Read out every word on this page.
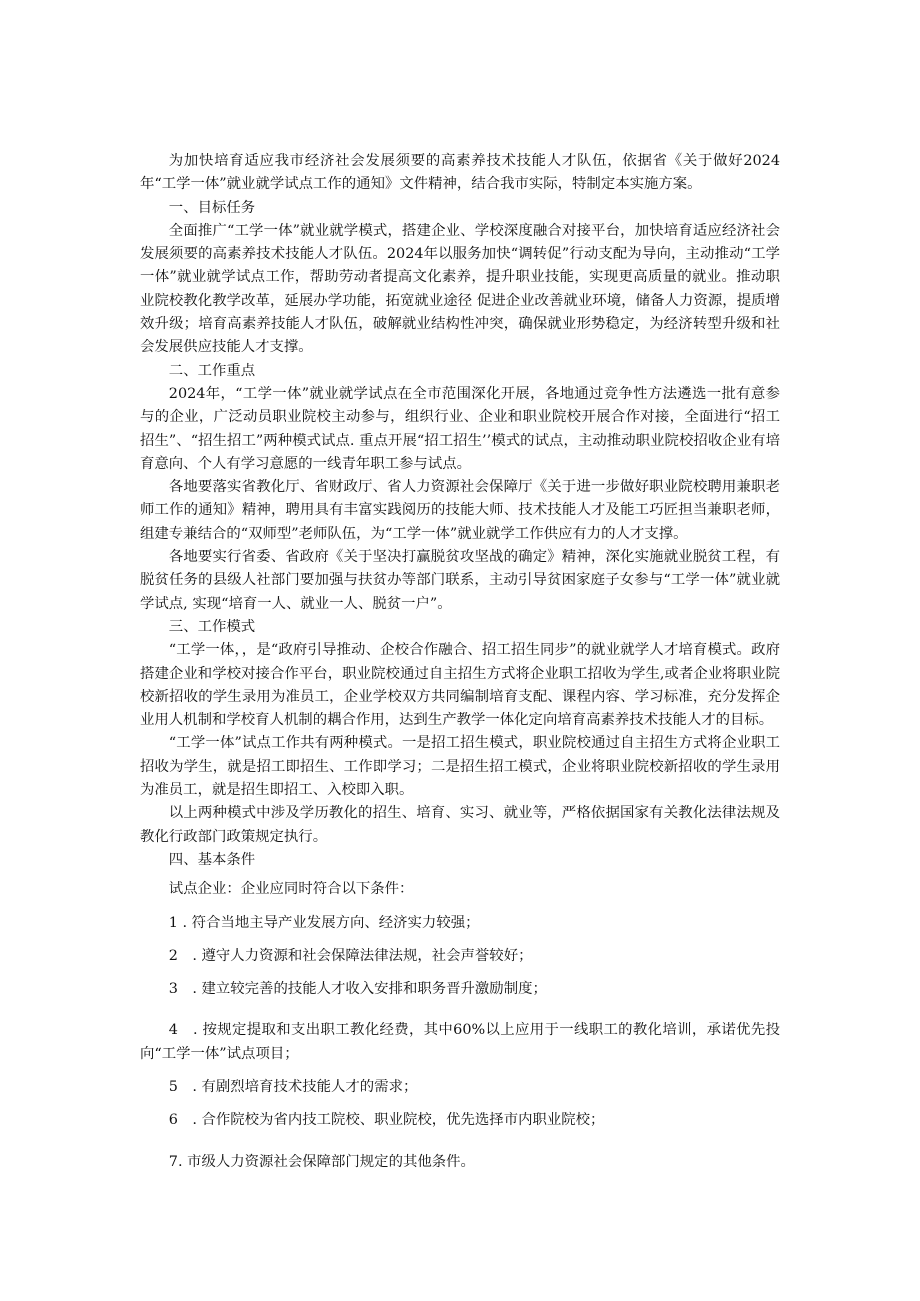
为加快培育适应我市经济社会发展须要的高素养技术技能人才队伍，依据省《关于做好2024年“工学一体”就业就学试点工作的通知》文件精神，结合我市实际，特制定本实施方案。

一、目标任务

全面推广“工学一体”就业就学模式，搭建企业、学校深度融合对接平台，加快培育适应经济社会发展须要的高素养技术技能人才队伍。2024年以服务加快“调转促”行动支配为导向，主动推动“工学一体”就业就学试点工作，帮助劳动者提高文化素养，提升职业技能，实现更高质量的就业。推动职业院校教化教学改革，延展办学功能，拓宽就业途径 促进企业改善就业环境，储备人力资源，提质增效升级；培育高素养技能人才队伍，破解就业结构性冲突，确保就业形势稳定，为经济转型升级和社会发展供应技能人才支撑。

二、工作重点

2024年，“工学一体”就业就学试点在全市范围深化开展，各地通过竞争性方法遴选一批有意参与的企业，广泛动员职业院校主动参与，组织行业、企业和职业院校开展合作对接，全面进行“招工招生”、“招生招工”两种模式试点. 重点开展“招工招生’’模式的试点，主动推动职业院校招收企业有培育意向、个人有学习意愿的一线青年职工参与试点。

各地要落实省教化厅、省财政厅、省人力资源社会保障厅《关于进一步做好职业院校聘用兼职老师工作的通知》精神，聘用具有丰富实践阅历的技能大师、技术技能人才及能工巧匠担当兼职老师，组建专兼结合的“双师型”老师队伍，为“工学一体”就业就学工作供应有力的人才支撑。

各地要实行省委、省政府《关于坚决打赢脱贫攻坚战的确定》精神，深化实施就业脱贫工程，有脱贫任务的县级人社部门要加强与扶贫办等部门联系，主动引导贫困家庭子女参与“工学一体”就业就学试点, 实现“培育一人、就业一人、脱贫一户”。

三、工作模式

“工学一体，，是“政府引导推动、企校合作融合、招工招生同步”的就业就学人才培育模式。政府搭建企业和学校对接合作平台，职业院校通过自主招生方式将企业职工招收为学生,或者企业将职业院校新招收的学生录用为准员工，企业学校双方共同编制培育支配、课程内容、学习标准，充分发挥企业用人机制和学校育人机制的耦合作用，达到生产教学一体化定向培育高素养技术技能人才的目标。

“工学一体”试点工作共有两种模式。一是招工招生模式，职业院校通过自主招生方式将企业职工招收为学生，就是招工即招生、工作即学习；二是招生招工模式，企业将职业院校新招收的学生录用为准员工，就是招生即招工、入校即入职。

以上两种模式中涉及学历教化的招生、培育、实习、就业等，严格依据国家有关教化法律法规及教化行政部门政策规定执行。

四、基本条件

试点企业：企业应同时符合以下条件：

1 . 符合当地主导产业发展方向、经济实力较强；

2　. 遵守人力资源和社会保障法律法规，社会声誉较好；

3　. 建立较完善的技能人才收入安排和职务晋升激励制度；

4　. 按规定提取和支出职工教化经费，其中60%以上应用于一线职工的教化培训，承诺优先投向“工学一体”试点项目；

5　. 有剧烈培育技术技能人才的需求；

6　. 合作院校为省内技工院校、职业院校，优先选择市内职业院校；

7. 市级人力资源社会保障部门规定的其他条件。
